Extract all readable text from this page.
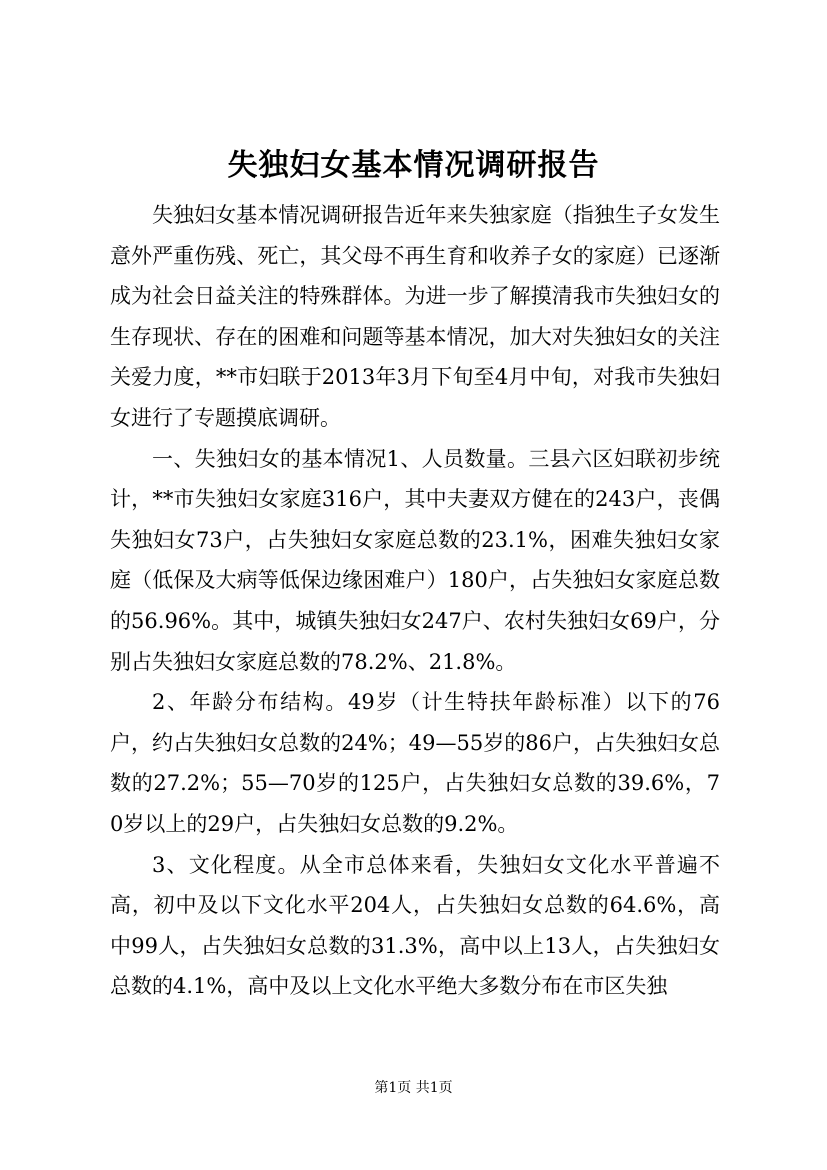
失独妇女基本情况调研报告

失独妇女基本情况调研报告近年来失独家庭（指独生子女发生意外严重伤残、死亡，其父母不再生育和收养子女的家庭）已逐渐成为社会日益关注的特殊群体。为进一步了解摸清我市失独妇女的生存现状、存在的困难和问题等基本情况，加大对失独妇女的关注关爱力度，**市妇联于2013年3月下旬至4月中旬，对我市失独妇女进行了专题摸底调研。

一、失独妇女的基本情况1、人员数量。三县六区妇联初步统计，**市失独妇女家庭316户，其中夫妻双方健在的243户，丧偶失独妇女73户，占失独妇女家庭总数的23.1%，困难失独妇女家庭（低保及大病等低保边缘困难户）180户，占失独妇女家庭总数的56.96%。其中，城镇失独妇女247户、农村失独妇女69户，分别占失独妇女家庭总数的78.2%、21.8%。

2、年龄分布结构。49岁（计生特扶年龄标准）以下的76户，约占失独妇女总数的24%；49—55岁的86户，占失独妇女总数的27.2%；55—70岁的125户，占失独妇女总数的39.6%，70岁以上的29户，占失独妇女总数的9.2%。

3、文化程度。从全市总体来看，失独妇女文化水平普遍不高，初中及以下文化水平204人，占失独妇女总数的64.6%，高中99人，占失独妇女总数的31.3%，高中以上13人，占失独妇女总数的4.1%，高中及以上文化水平绝大多数分布在市区失独

第1页 共1页
